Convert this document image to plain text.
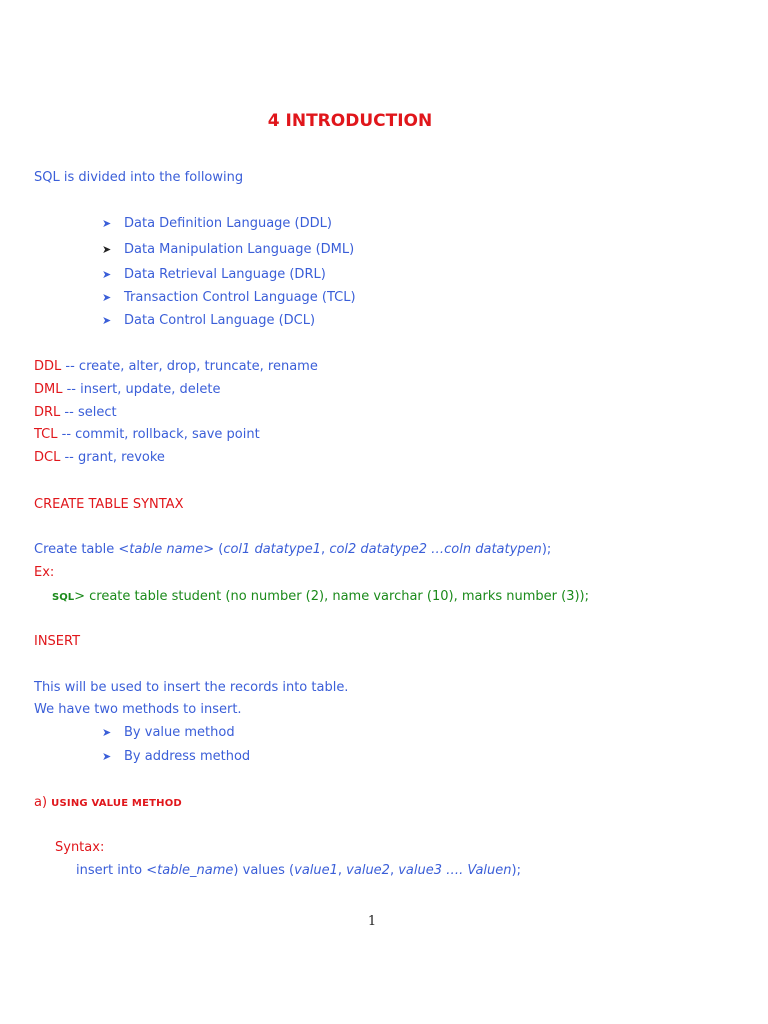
4 INTRODUCTION
SQL is divided into the following
➤ Data Definition Language (DDL)
➤ Data Manipulation Language (DML)
➤ Data Retrieval Language (DRL)
➤ Transaction Control Language (TCL)
➤ Data Control Language (DCL)
DDL -- create, alter, drop, truncate, rename
DML -- insert, update, delete
DRL -- select
TCL -- commit, rollback, save point
DCL -- grant, revoke
CREATE TABLE SYNTAX
Create table <table name> (col1 datatype1, col2 datatype2 …coln datatypen);
Ex:
SQL> create table student (no number (2), name varchar (10), marks number (3));
INSERT
This will be used to insert the records into table.
We have two methods to insert.
➤ By value method
➤ By address method
a) USING VALUE METHOD
Syntax:
insert into <table_name) values (value1, value2, value3 …. Valuen);
1
